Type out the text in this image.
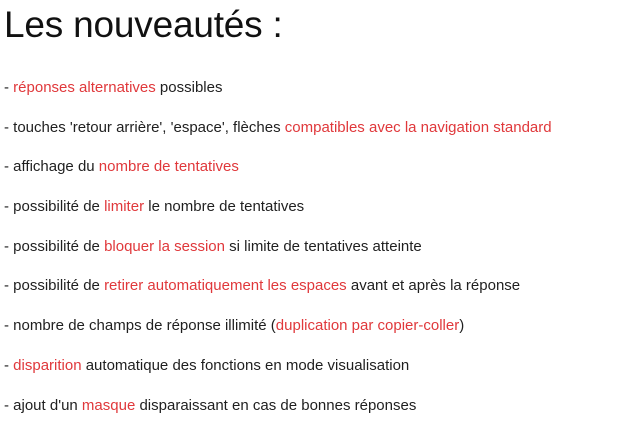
Les nouveautés :
- réponses alternatives possibles
- touches 'retour arrière', 'espace', flèches compatibles avec la navigation standard
- affichage du nombre de tentatives
- possibilité de limiter le nombre de tentatives
- possibilité de bloquer la session si limite de tentatives atteinte
- possibilité de retirer automatiquement les espaces avant et après la réponse
- nombre de champs de réponse illimité (duplication par copier-coller)
- disparition automatique des fonctions en mode visualisation
- ajout d'un masque disparaissant en cas de bonnes réponses
